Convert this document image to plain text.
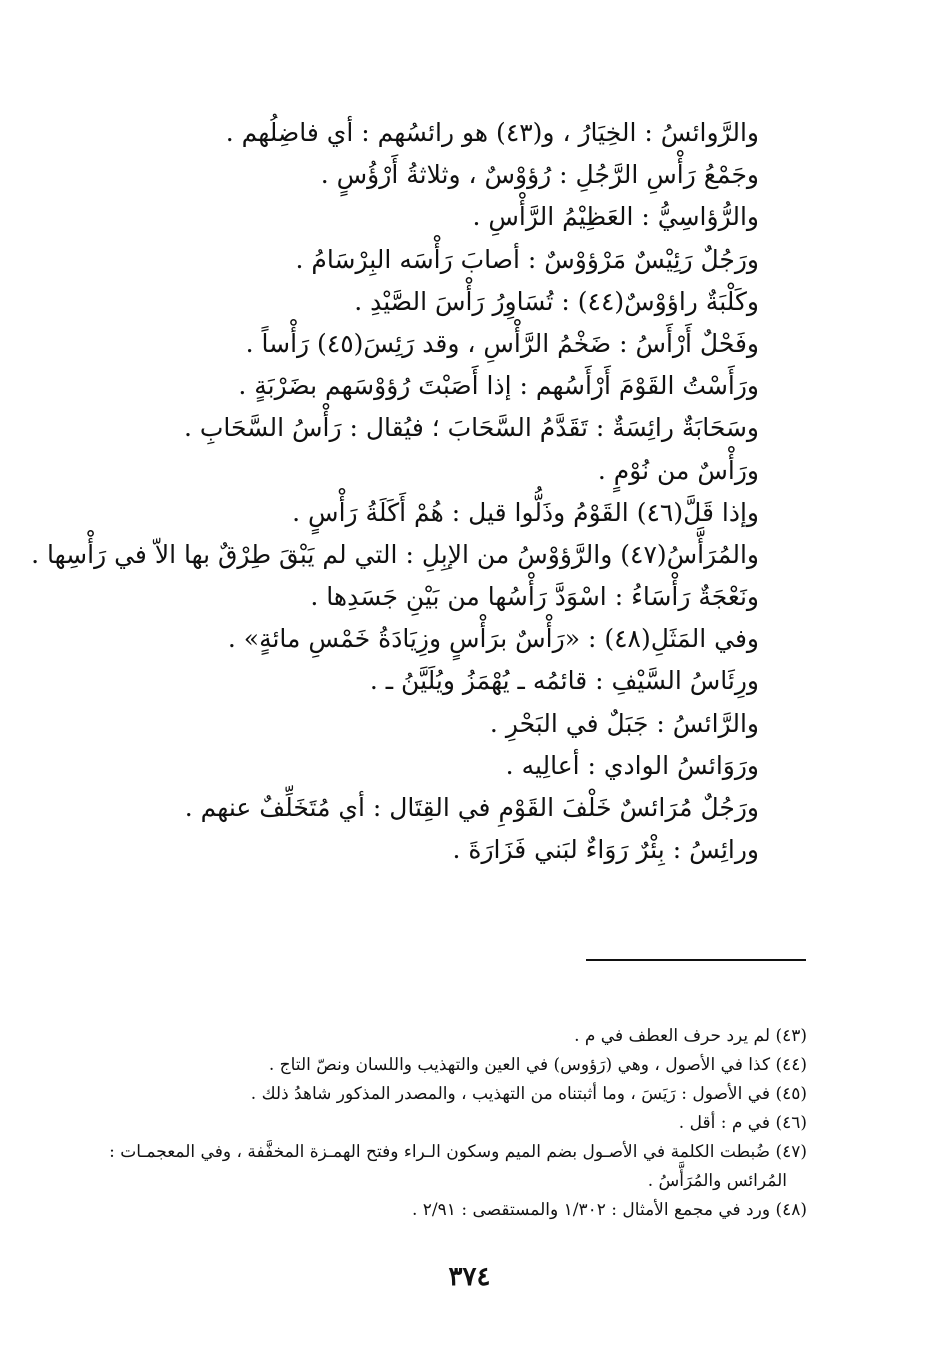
والرَّوائسُ : الخِيَارُ ، و(٤٣) هو رائسُهم : أي فاضِلُهم .
وجَمْعُ رَأْسِ الرَّجُلِ : رُؤوْسٌ ، وثلاثةُ أَرْؤُسٍ .
والرُّؤاسِيُّ : العَظِيْمُ الرَّأْسِ .
ورَجُلٌ رَئِيْسٌ مَرْؤوْسٌ : أصابَ رَأْسَه البِرْسَامُ .
وكَلْبَةٌ راؤوْسٌ(٤٤) : تُسَاوِرُ رَأْسَ الصَّيْدِ .
وفَحْلٌ أَرْأَسُ : ضَخْمُ الرَّأْسِ ، وقد رَئِسَ(٤٥) رَأْساً .
ورَأَسْتُ القَوْمَ أَرْأَسُهم : إذا أَصَبْتَ رُؤوْسَهم بضَرْبَةٍ .
وسَحَابَةٌ رائِسَةٌ : تَقَدَّمُ السَّحَابَ ؛ فيُقال : رَأْسُ السَّحَابِ .
ورَأْسٌ من نُوْمٍ .
وإذا قَلَّ(٤٦) القَوْمُ وذَلُّوا قيل : هُمْ أَكَلَةُ رَأْسٍ .
والمُرَأَّسُ(٤٧) والرَّؤوْسُ من الإبِلِ : التي لم يَبْقَ طِرْقٌ بها الاّ في رَأْسِها .
ونَعْجَةٌ رَأْسَاءُ : اسْوَدَّ رَأْسُها من بَيْنِ جَسَدِها .
وفي المَثَلِ(٤٨) : «رَأْسٌ برَأْسٍ وزِيَادَةُ خَمْسِ مائةٍ» .
ورِئَاسُ السَّيْفِ : قائمُه ـ يُهْمَزُ ويُلَيَّنُ ـ .
والرَّائسُ : جَبَلٌ في البَحْرِ .
ورَوَائسُ الوادي : أعالِيه .
ورَجُلٌ مُرَائسٌ خَلْفَ القَوْمِ في القِتَال : أي مُتَخَلِّفٌ عنهم .
ورائِسُ : بِئْرٌ رَوَاءٌ لبَني فَزَارَةَ .
(٤٣) لم يرد حرف العطف في م .
(٤٤) كذا في الأصول ، وهي (رَؤوس) في العين والتهذيب واللسان ونصّ التاج .
(٤٥) في الأصول : رَيَسَ ، وما أثبتناه من التهذيب ، والمصدر المذكور شاهدُ ذلك .
(٤٦) في م : أقل .
(٤٧) ضُبطت الكلمة في الأصـول بضم الميم وسكون الـراء وفتح الهمـزة المخفَّفة ، وفي المعجمـات :
المُرائس والمُرَأَّسُ .
(٤٨) ورد في مجمع الأمثال : ١/٣٠٢ والمستقصى : ٢/٩١ .
٣٧٤
